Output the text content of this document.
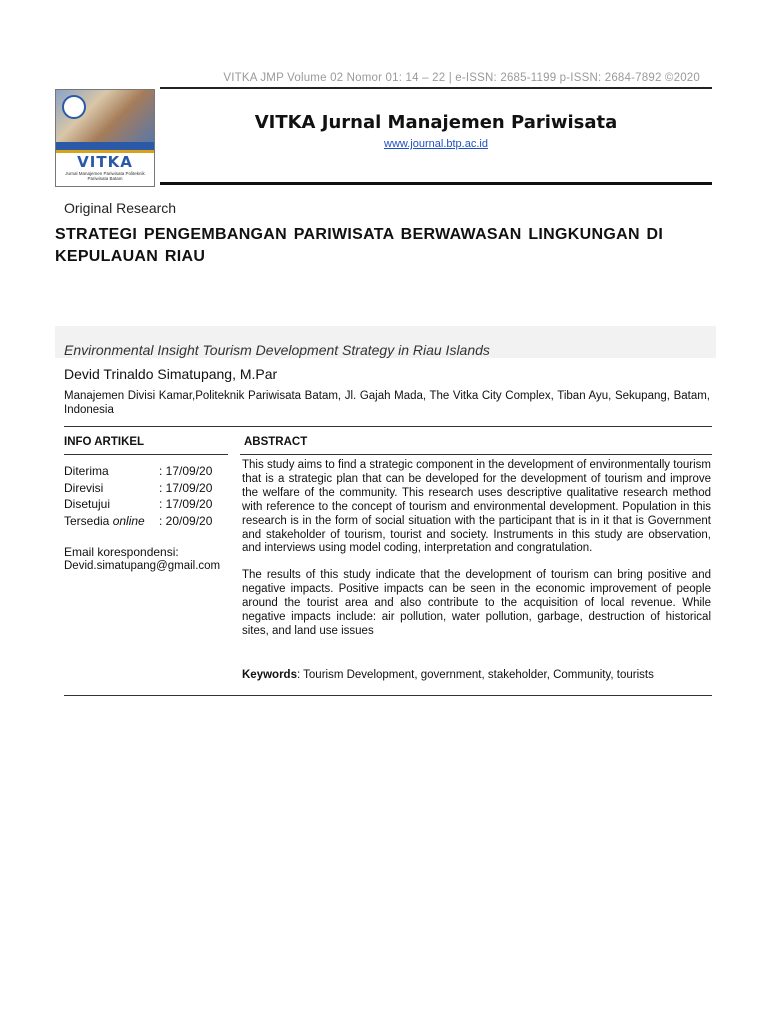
VITKA JMP Volume 02 Nomor 01: 14 – 22 | e-ISSN: 2685-1199 p-ISSN: 2684-7892 ©2020
VITKA
Jurnal Manajemen Pariwisata Politeknik Pariwisata Batam
VITKA Jurnal Manajemen Pariwisata
www.journal.btp.ac.id
Original Research
STRATEGI PENGEMBANGAN PARIWISATA BERWAWASAN LINGKUNGAN DI KEPULAUAN RIAU
Environmental Insight Tourism Development Strategy in Riau Islands
Devid Trinaldo Simatupang, M.Par
Manajemen Divisi Kamar,Politeknik Pariwisata Batam, Jl. Gajah Mada, The Vitka City Complex, Tiban Ayu, Sekupang, Batam, Indonesia
INFO ARTIKEL	ABSTRACT
Diterima	: 17/09/20
Direvisi	: 17/09/20
Disetujui	: 17/09/20
Tersedia online : 20/09/20
Email korespondensi:
Devid.simatupang@gmail.com

This study aims to find a strategic component in the development of environmentally tourism that is a strategic plan that can be developed for the development of tourism and improve the welfare of the community. This research uses descriptive qualitative research method with reference to the concept of tourism and environmental development. Population in this research is in the form of social situation with the participant that is in it that is Government and stakeholder of tourism, tourist and society. Instruments in this study are observation, and interviews using model coding, interpretation and congratulation.

The results of this study indicate that the development of tourism can bring positive and negative impacts. Positive impacts can be seen in the economic improvement of people around the tourist area and also contribute to the acquisition of local revenue. While negative impacts include: air pollution, water pollution, garbage, destruction of historical sites, and land use issues

Keywords: Tourism Development, government, stakeholder, Community, tourists
